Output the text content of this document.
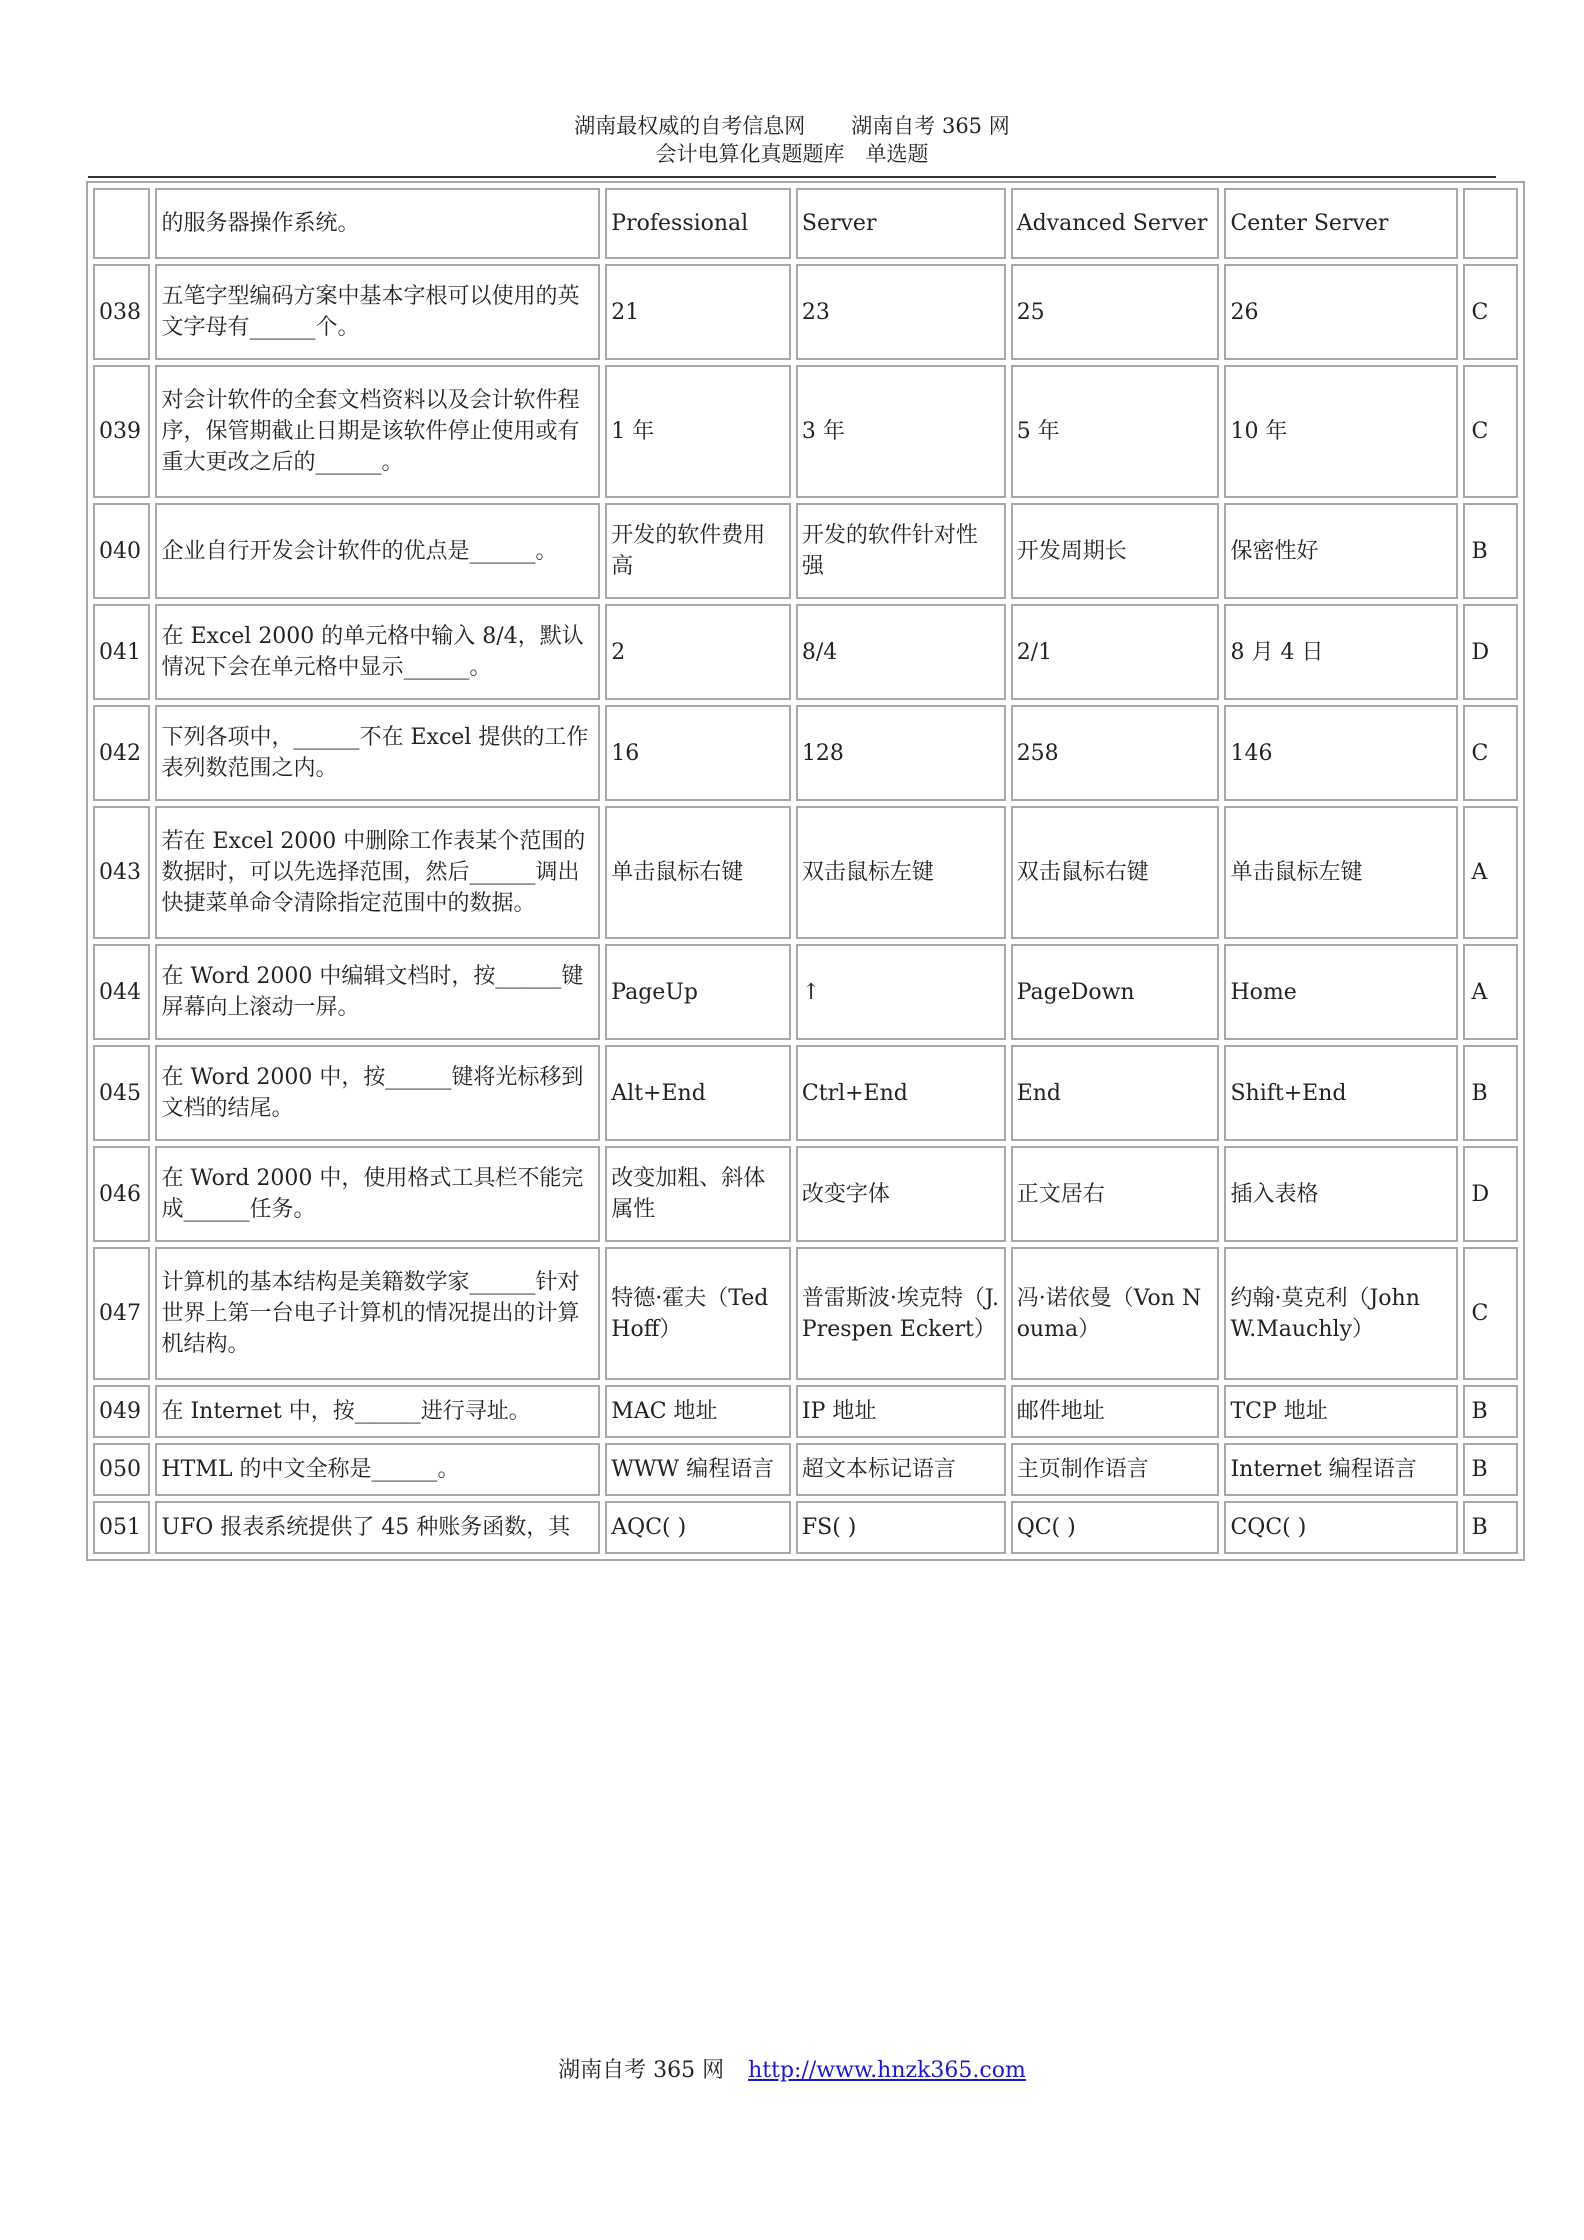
湖南最权威的自考信息网 湖南自考 365 网
会计电算化真题题库　单选题
	的服务器操作系统。	Professional	Server	Advanced Server	Center Server	
038	五笔字型编码方案中基本字根可以使用的英文字母有______个。	21	23	25	26	C
039	对会计软件的全套文档资料以及会计软件程序，保管期截止日期是该软件停止使用或有重大更改之后的______。	1 年	3 年	5 年	10 年	C
040	企业自行开发会计软件的优点是______。	开发的软件费用高	开发的软件针对性强	开发周期长	保密性好	B
041	在 Excel 2000 的单元格中输入 8/4，默认情况下会在单元格中显示______。	2	8/4	2/1	8 月 4 日	D
042	下列各项中，______不在 Excel 提供的工作表列数范围之内。	16	128	258	146	C
043	若在 Excel 2000 中删除工作表某个范围的数据时，可以先选择范围，然后______调出快捷菜单命令清除指定范围中的数据。	单击鼠标右键	双击鼠标左键	双击鼠标右键	单击鼠标左键	A
044	在 Word 2000 中编辑文档时，按______键屏幕向上滚动一屏。	PageUp	↑	PageDown	Home	A
045	在 Word 2000 中，按______键将光标移到文档的结尾。	Alt+End	Ctrl+End	End	Shift+End	B
046	在 Word 2000 中，使用格式工具栏不能完成______任务。	改变加粗、斜体属性	改变字体	正文居右	插入表格	D
047	计算机的基本结构是美籍数学家______针对世界上第一台电子计算机的情况提出的计算机结构。	特德·霍夫（Ted Hoff）	普雷斯波·埃克特（J.Prespen Eckert）	冯·诺依曼（Von Nouma）	约翰·莫克利（John W.Mauchly）	C
049	在 Internet 中，按______进行寻址。	MAC 地址	IP 地址	邮件地址	TCP 地址	B
050	HTML 的中文全称是______。	WWW 编程语言	超文本标记语言	主页制作语言	Internet 编程语言	B
051	UFO 报表系统提供了 45 种账务函数，其	AQC( )	FS( )	QC( )	CQC( )	B
湖南自考 365 网 http://www.hnzk365.com
